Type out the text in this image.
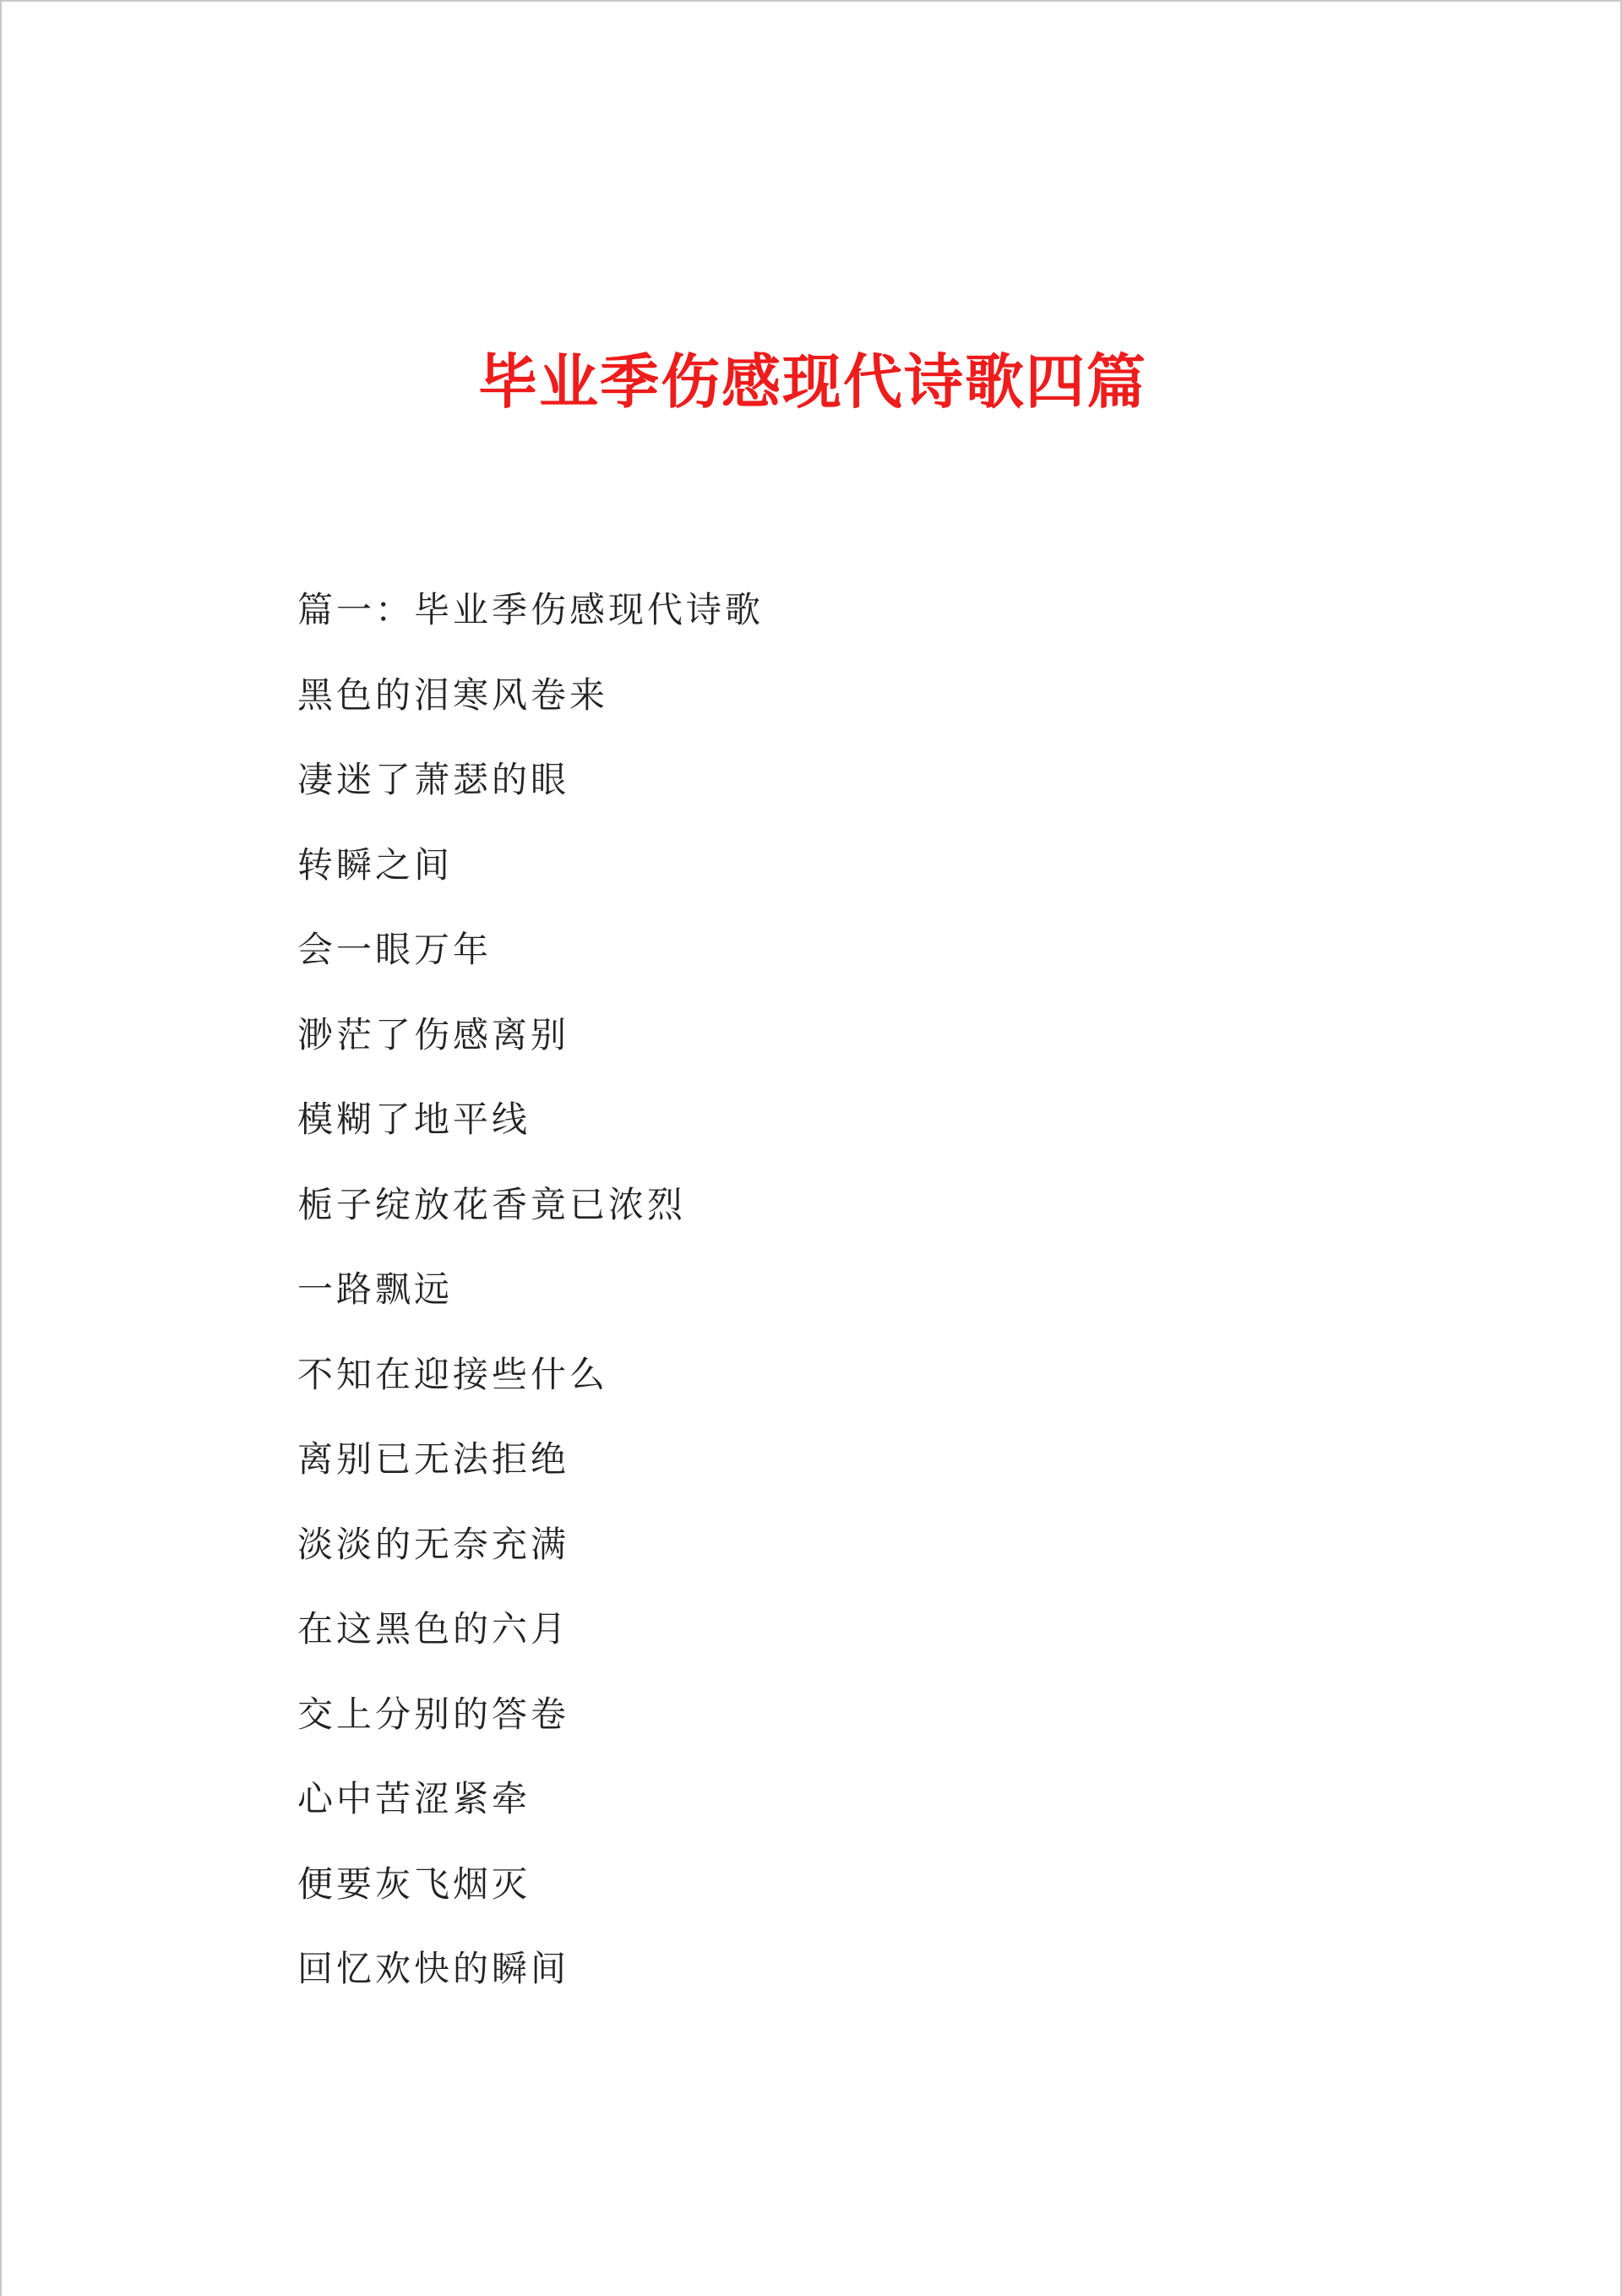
毕业季伤感现代诗歌四篇
篇一：毕业季伤感现代诗歌
黑色的泪寒风卷来
凄迷了萧瑟的眼
转瞬之间
会一眼万年
渺茫了伤感离别
模糊了地平线
栀子绽放花香竟已浓烈
一路飘远
不知在迎接些什么
离别已无法拒绝
淡淡的无奈充满
在这黑色的六月
交上分别的答卷
心中苦涩紧牵
便要灰飞烟灭
回忆欢快的瞬间
